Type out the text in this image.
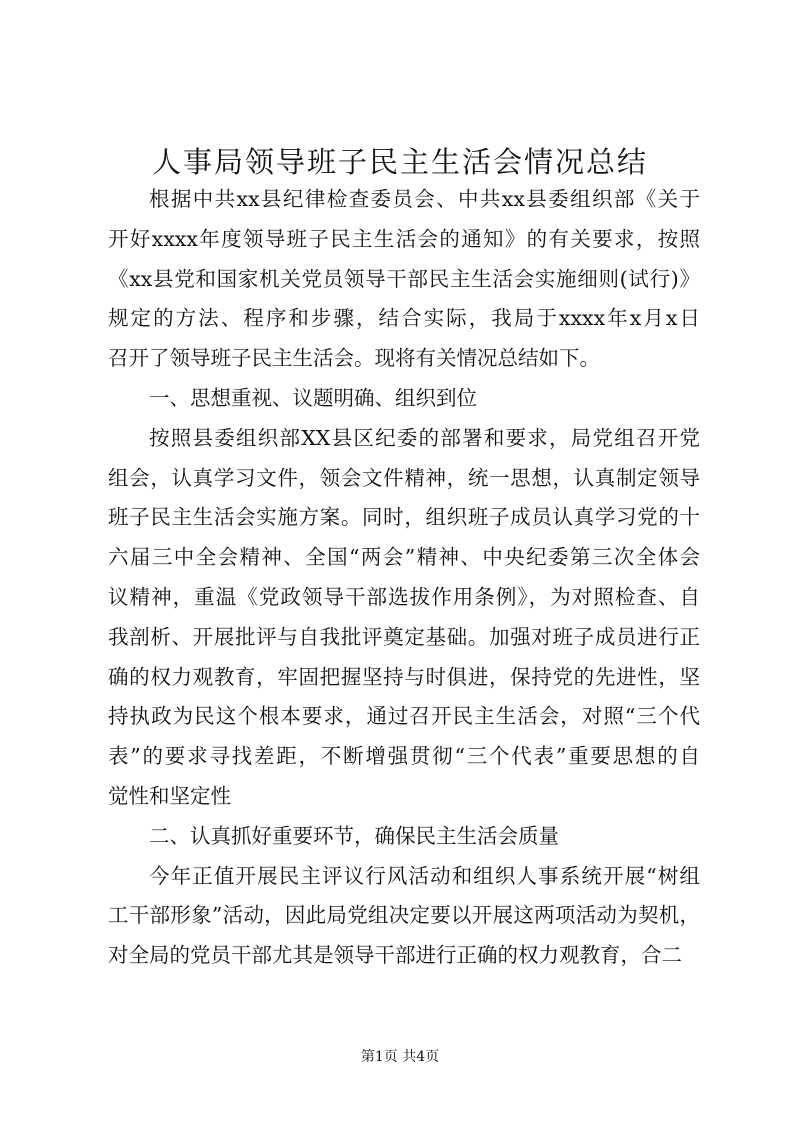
人事局领导班子民主生活会情况总结
根据中共xx县纪律检查委员会、中共xx县委组织部《关于
开好xxxx年度领导班子民主生活会的通知》的有关要求，按照
《xx县党和国家机关党员领导干部民主生活会实施细则(试行)》
规定的方法、程序和步骤，结合实际，我局于xxxx年x月x日
召开了领导班子民主生活会。现将有关情况总结如下。
一、思想重视、议题明确、组织到位
按照县委组织部XX县区纪委的部署和要求，局党组召开党
组会，认真学习文件，领会文件精神，统一思想，认真制定领导
班子民主生活会实施方案。同时，组织班子成员认真学习党的十
六届三中全会精神、全国“两会”精神、中央纪委第三次全体会
议精神，重温《党政领导干部选拔作用条例》，为对照检查、自
我剖析、开展批评与自我批评奠定基础。加强对班子成员进行正
确的权力观教育，牢固把握坚持与时俱进，保持党的先进性，坚
持执政为民这个根本要求，通过召开民主生活会，对照“三个代
表”的要求寻找差距，不断增强贯彻“三个代表”重要思想的自
觉性和坚定性
二、认真抓好重要环节，确保民主生活会质量
今年正值开展民主评议行风活动和组织人事系统开展“树组
工干部形象”活动，因此局党组决定要以开展这两项活动为契机，
对全局的党员干部尤其是领导干部进行正确的权力观教育，合二
第1页 共4页
